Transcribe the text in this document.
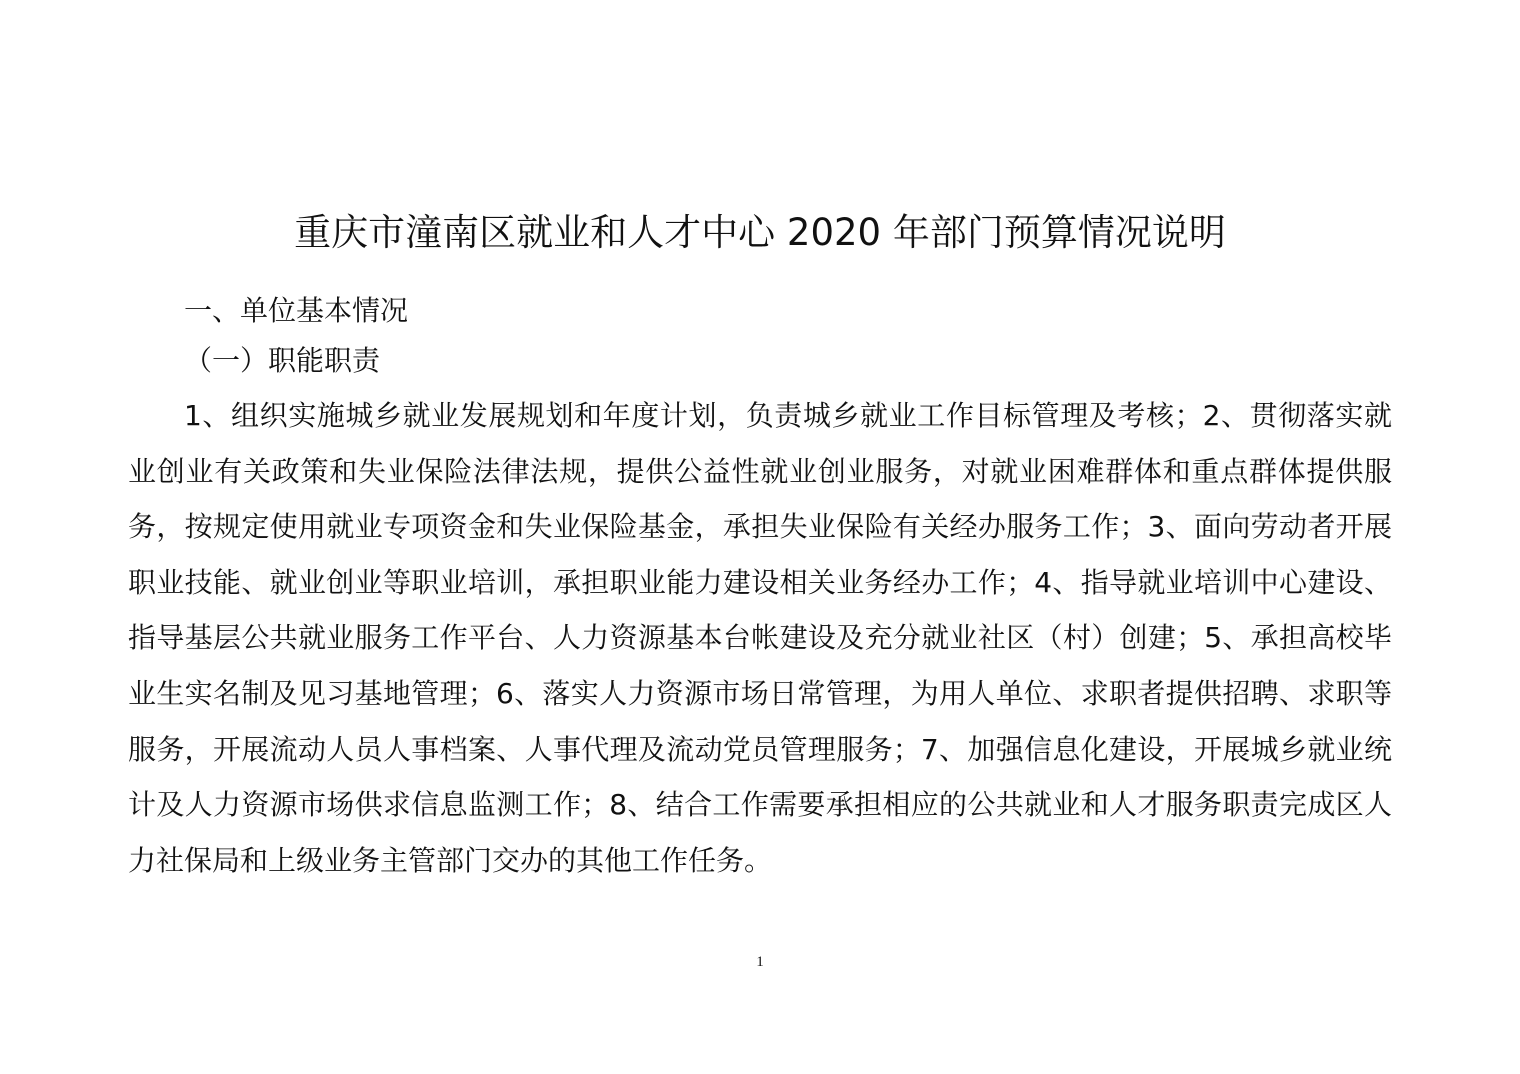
重庆市潼南区就业和人才中心 2020 年部门预算情况说明
一、单位基本情况
（一）职能职责

1、组织实施城乡就业发展规划和年度计划，负责城乡就业工作目标管理及考核；2、贯彻落实就业创业有关政策和失业保险法律法规，提供公益性就业创业服务，对就业困难群体和重点群体提供服务，按规定使用就业专项资金和失业保险基金，承担失业保险有关经办服务工作；3、面向劳动者开展职业技能、就业创业等职业培训，承担职业能力建设相关业务经办工作；4、指导就业培训中心建设、指导基层公共就业服务工作平台、人力资源基本台帐建设及充分就业社区（村）创建；5、承担高校毕业生实名制及见习基地管理；6、落实人力资源市场日常管理，为用人单位、求职者提供招聘、求职等服务，开展流动人员人事档案、人事代理及流动党员管理服务；7、加强信息化建设，开展城乡就业统计及人力资源市场供求信息监测工作；8、结合工作需要承担相应的公共就业和人才服务职责完成区人力社保局和上级业务主管部门交办的其他工作任务。

1
